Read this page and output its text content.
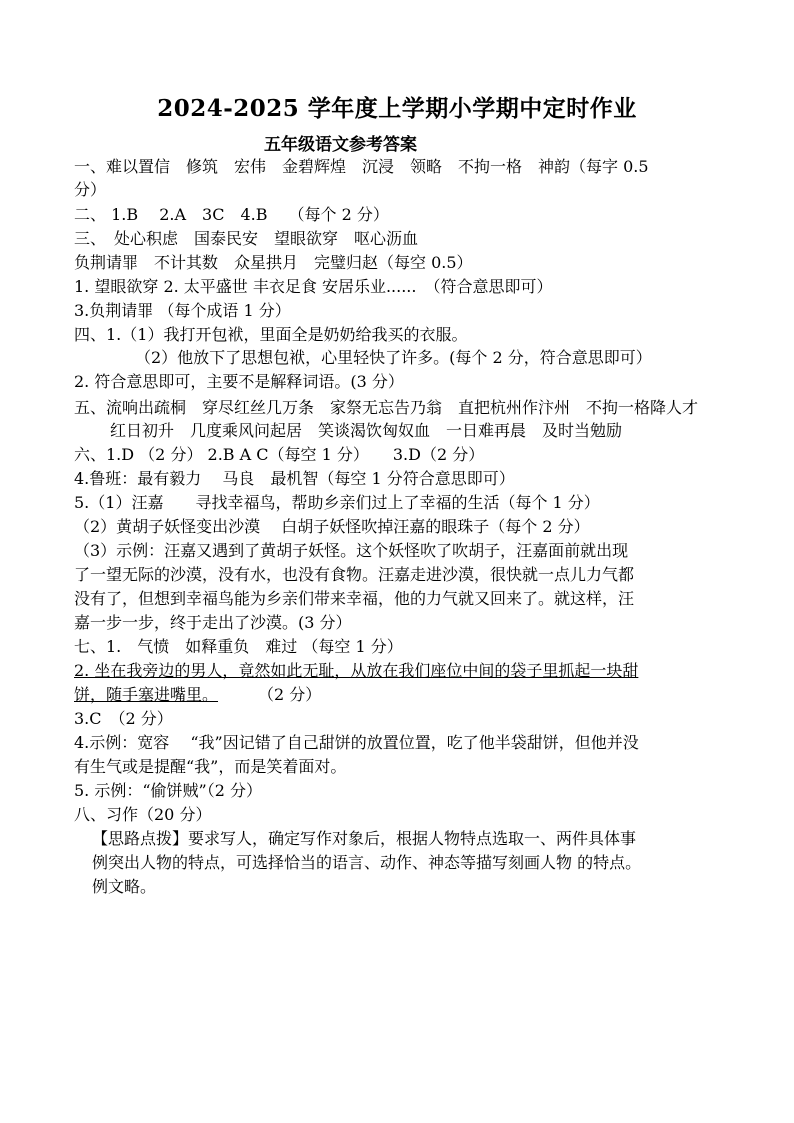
2024-2025 学年度上学期小学期中定时作业
五年级语文参考答案
一、难以置信　修筑　宏伟　金碧辉煌　沉浸　领略　不拘一格　神韵（每字 0.5
分）
二、 1.B　 2.A　3C　4.B　 （每个 2 分）
三、　处心积虑　国泰民安　望眼欲穿　呕心沥血
负荆请罪　不计其数　众星拱月　完璧归赵（每空 0.5）
1. 望眼欲穿 2. 太平盛世 丰衣足食 安居乐业......　（符合意思即可）
3.负荆请罪 （每个成语 1 分）
四、1.（1）我打开包袱，里面全是奶奶给我买的衣服。
（2）他放下了思想包袱，心里轻快了许多。(每个 2 分，符合意思即可）
2. 符合意思即可，主要不是解释词语。(3 分）
五、流响出疏桐　穿尽红丝几万条　家祭无忘告乃翁　直把杭州作汴州　不拘一格降人才
红日初升　几度乘风问起居　笑谈渴饮匈奴血　一日难再晨　及时当勉励
六、1.D （2 分） 2.B A C（每空 1 分）　　3.D（2 分）
4.鲁班：最有毅力　 马良　最机智（每空 1 分符合意思即可）
5.（1）汪嘉　　寻找幸福鸟，帮助乡亲们过上了幸福的生活（每个 1 分）
（2）黄胡子妖怪变出沙漠　 白胡子妖怪吹掉汪嘉的眼珠子（每个 2 分）
（3）示例：汪嘉又遇到了黄胡子妖怪。这个妖怪吹了吹胡子，汪嘉面前就出现
了一望无际的沙漠，没有水，也没有食物。汪嘉走进沙漠，很快就一点儿力气都
没有了，但想到幸福鸟能为乡亲们带来幸福，他的力气就又回来了。就这样，汪
嘉一步一步，终于走出了沙漠。(3 分）
七、1.　气愤　如释重负　难过 （每空 1 分）
2. 坐在我旁边的男人，竟然如此无耻，从放在我们座位中间的袋子里抓起一块甜
饼，随手塞进嘴里。 （2 分）
3.C　（2 分）
4.示例：宽容　 “我”因记错了自己甜饼的放置位置，吃了他半袋甜饼，但他并没
有生气或是提醒“我”，而是笑着面对。
5. 示例：“偷饼贼”（2 分）
八、习作（20 分）
【思路点拨】要求写人，确定写作对象后，根据人物特点选取一、两件具体事
例突出人物的特点，可选择恰当的语言、动作、神态等描写刻画人物 的特点。
例文略。
